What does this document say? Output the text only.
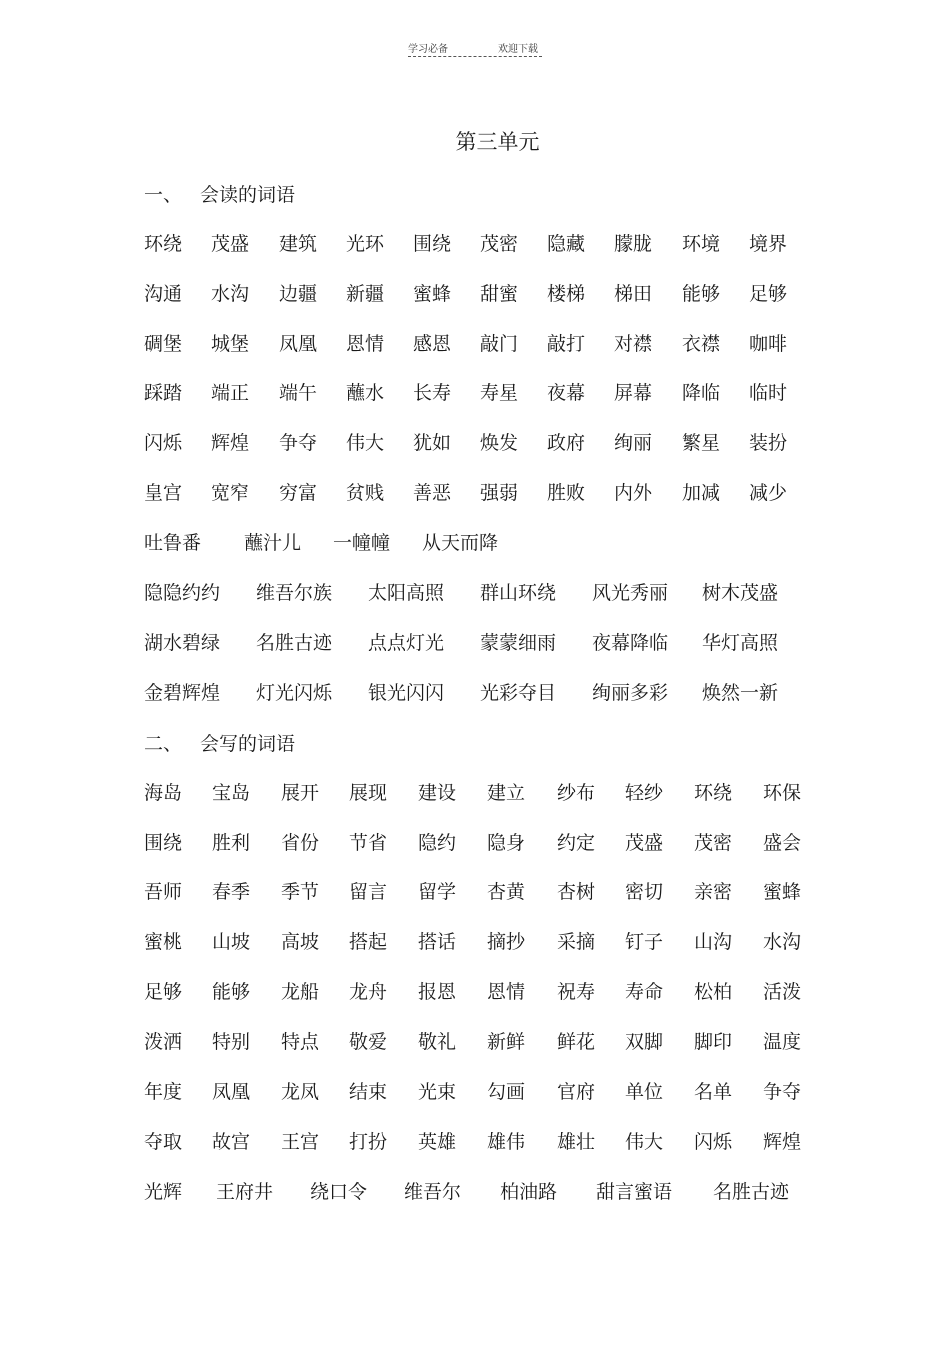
学习必备	欢迎下载
第三单元
一、 会读的词语
环绕 茂盛 建筑 光环 围绕 茂密 隐藏 朦胧 环境 境界
沟通 水沟 边疆 新疆 蜜蜂 甜蜜 楼梯 梯田 能够 足够
碉堡 城堡 凤凰 恩情 感恩 敲门 敲打 对襟 衣襟 咖啡
踩踏 端正 端午 蘸水 长寿 寿星 夜幕 屏幕 降临 临时
闪烁 辉煌 争夺 伟大 犹如 焕发 政府 绚丽 繁星 装扮
皇宫 宽窄 穷富 贫贱 善恶 强弱 胜败 内外 加减 减少
吐鲁番 蘸汁儿 一幢幢 从天而降
隐隐约约 维吾尔族 太阳高照 群山环绕 风光秀丽 树木茂盛
湖水碧绿 名胜古迹 点点灯光 蒙蒙细雨 夜幕降临 华灯高照
金碧辉煌 灯光闪烁 银光闪闪 光彩夺目 绚丽多彩 焕然一新
二、 会写的词语
海岛 宝岛 展开 展现 建设 建立 纱布 轻纱 环绕 环保
围绕 胜利 省份 节省 隐约 隐身 约定 茂盛 茂密 盛会
吾师 春季 季节 留言 留学 杏黄 杏树 密切 亲密 蜜蜂
蜜桃 山坡 高坡 搭起 搭话 摘抄 采摘 钉子 山沟 水沟
足够 能够 龙船 龙舟 报恩 恩情 祝寿 寿命 松柏 活泼
泼洒 特别 特点 敬爱 敬礼 新鲜 鲜花 双脚 脚印 温度
年度 凤凰 龙凤 结束 光束 勾画 官府 单位 名单 争夺
夺取 故宫 王宫 打扮 英雄 雄伟 雄壮 伟大 闪烁 辉煌
光辉 王府井 绕口令 维吾尔 柏油路 甜言蜜语 名胜古迹
